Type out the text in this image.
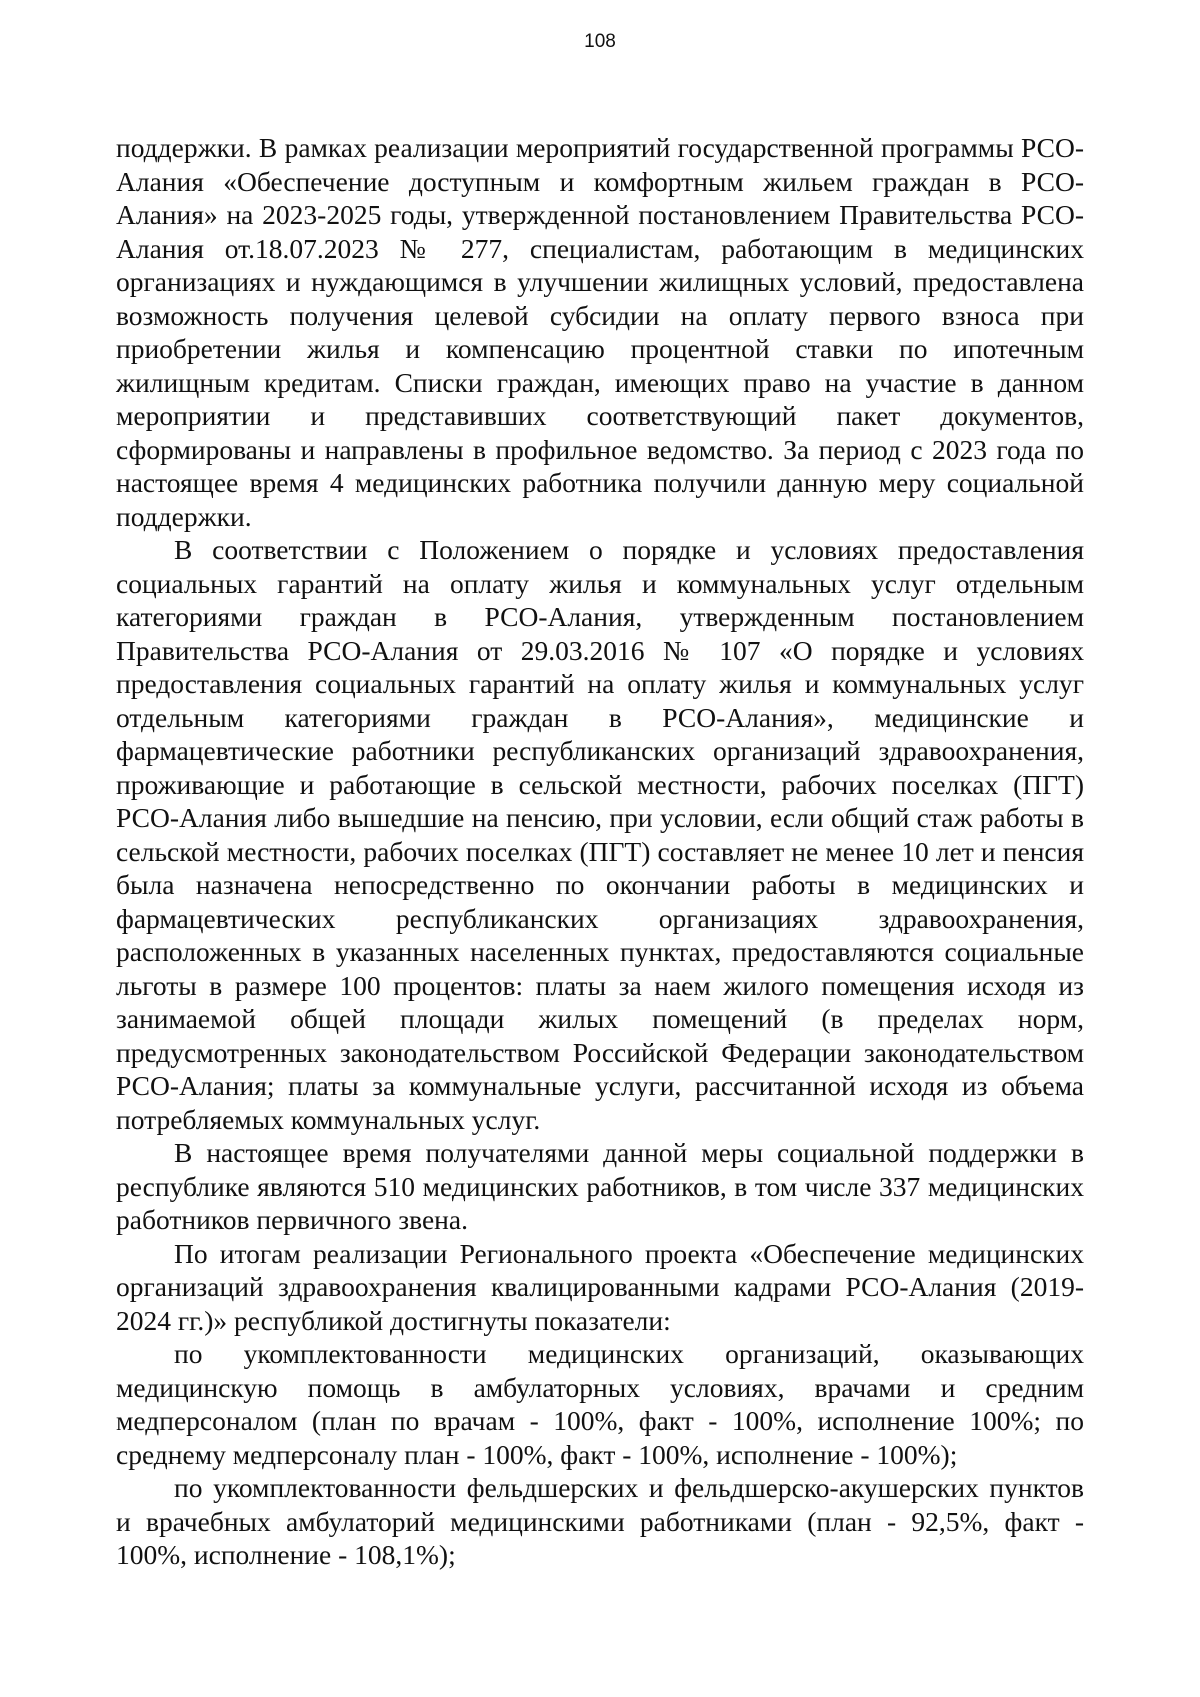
108

поддержки. В рамках реализации мероприятий государственной программы РСО-Алания «Обеспечение доступным и комфортным жильем граждан в РСО-Алания» на 2023-2025 годы, утвержденной постановлением Правительства РСО-Алания от.18.07.2023 № 277, специалистам, работающим в медицинских организациях и нуждающимся в улучшении жилищных условий, предоставлена возможность получения целевой субсидии на оплату первого взноса при приобретении жилья и компенсацию процентной ставки по ипотечным жилищным кредитам. Списки граждан, имеющих право на участие в данном мероприятии и представивших соответствующий пакет документов, сформированы и направлены в профильное ведомство. За период с 2023 года по настоящее время 4 медицинских работника получили данную меру социальной поддержки.

В соответствии с Положением о порядке и условиях предоставления социальных гарантий на оплату жилья и коммунальных услуг отдельным категориями граждан в РСО-Алания, утвержденным постановлением Правительства РСО-Алания от 29.03.2016 № 107 «О порядке и условиях предоставления социальных гарантий на оплату жилья и коммунальных услуг отдельным категориями граждан в РСО-Алания», медицинские и фармацевтические работники республиканских организаций здравоохранения, проживающие и работающие в сельской местности, рабочих поселках (ПГТ) РСО-Алания либо вышедшие на пенсию, при условии, если общий стаж работы в сельской местности, рабочих поселках (ПГТ) составляет не менее 10 лет и пенсия была назначена непосредственно по окончании работы в медицинских и фармацевтических республиканских организациях здравоохранения, расположенных в указанных населенных пунктах, предоставляются социальные льготы в размере 100 процентов: платы за наем жилого помещения исходя из занимаемой общей площади жилых помещений (в пределах норм, предусмотренных законодательством Российской Федерации законодательством РСО-Алания; платы за коммунальные услуги, рассчитанной исходя из объема потребляемых коммунальных услуг.

В настоящее время получателями данной меры социальной поддержки в республике являются 510 медицинских работников, в том числе 337 медицинских работников первичного звена.

По итогам реализации Регионального проекта «Обеспечение медицинских организаций здравоохранения квалицированными кадрами РСО-Алания (2019-2024 гг.)» республикой достигнуты показатели:

по укомплектованности медицинских организаций, оказывающих медицинскую помощь в амбулаторных условиях, врачами и средним медперсоналом (план по врачам - 100%, факт - 100%, исполнение 100%; по среднему медперсоналу план - 100%, факт - 100%, исполнение - 100%);

по укомплектованности фельдшерских и фельдшерско-акушерских пунктов и врачебных амбулаторий медицинскими работниками (план - 92,5%, факт - 100%, исполнение - 108,1%);
